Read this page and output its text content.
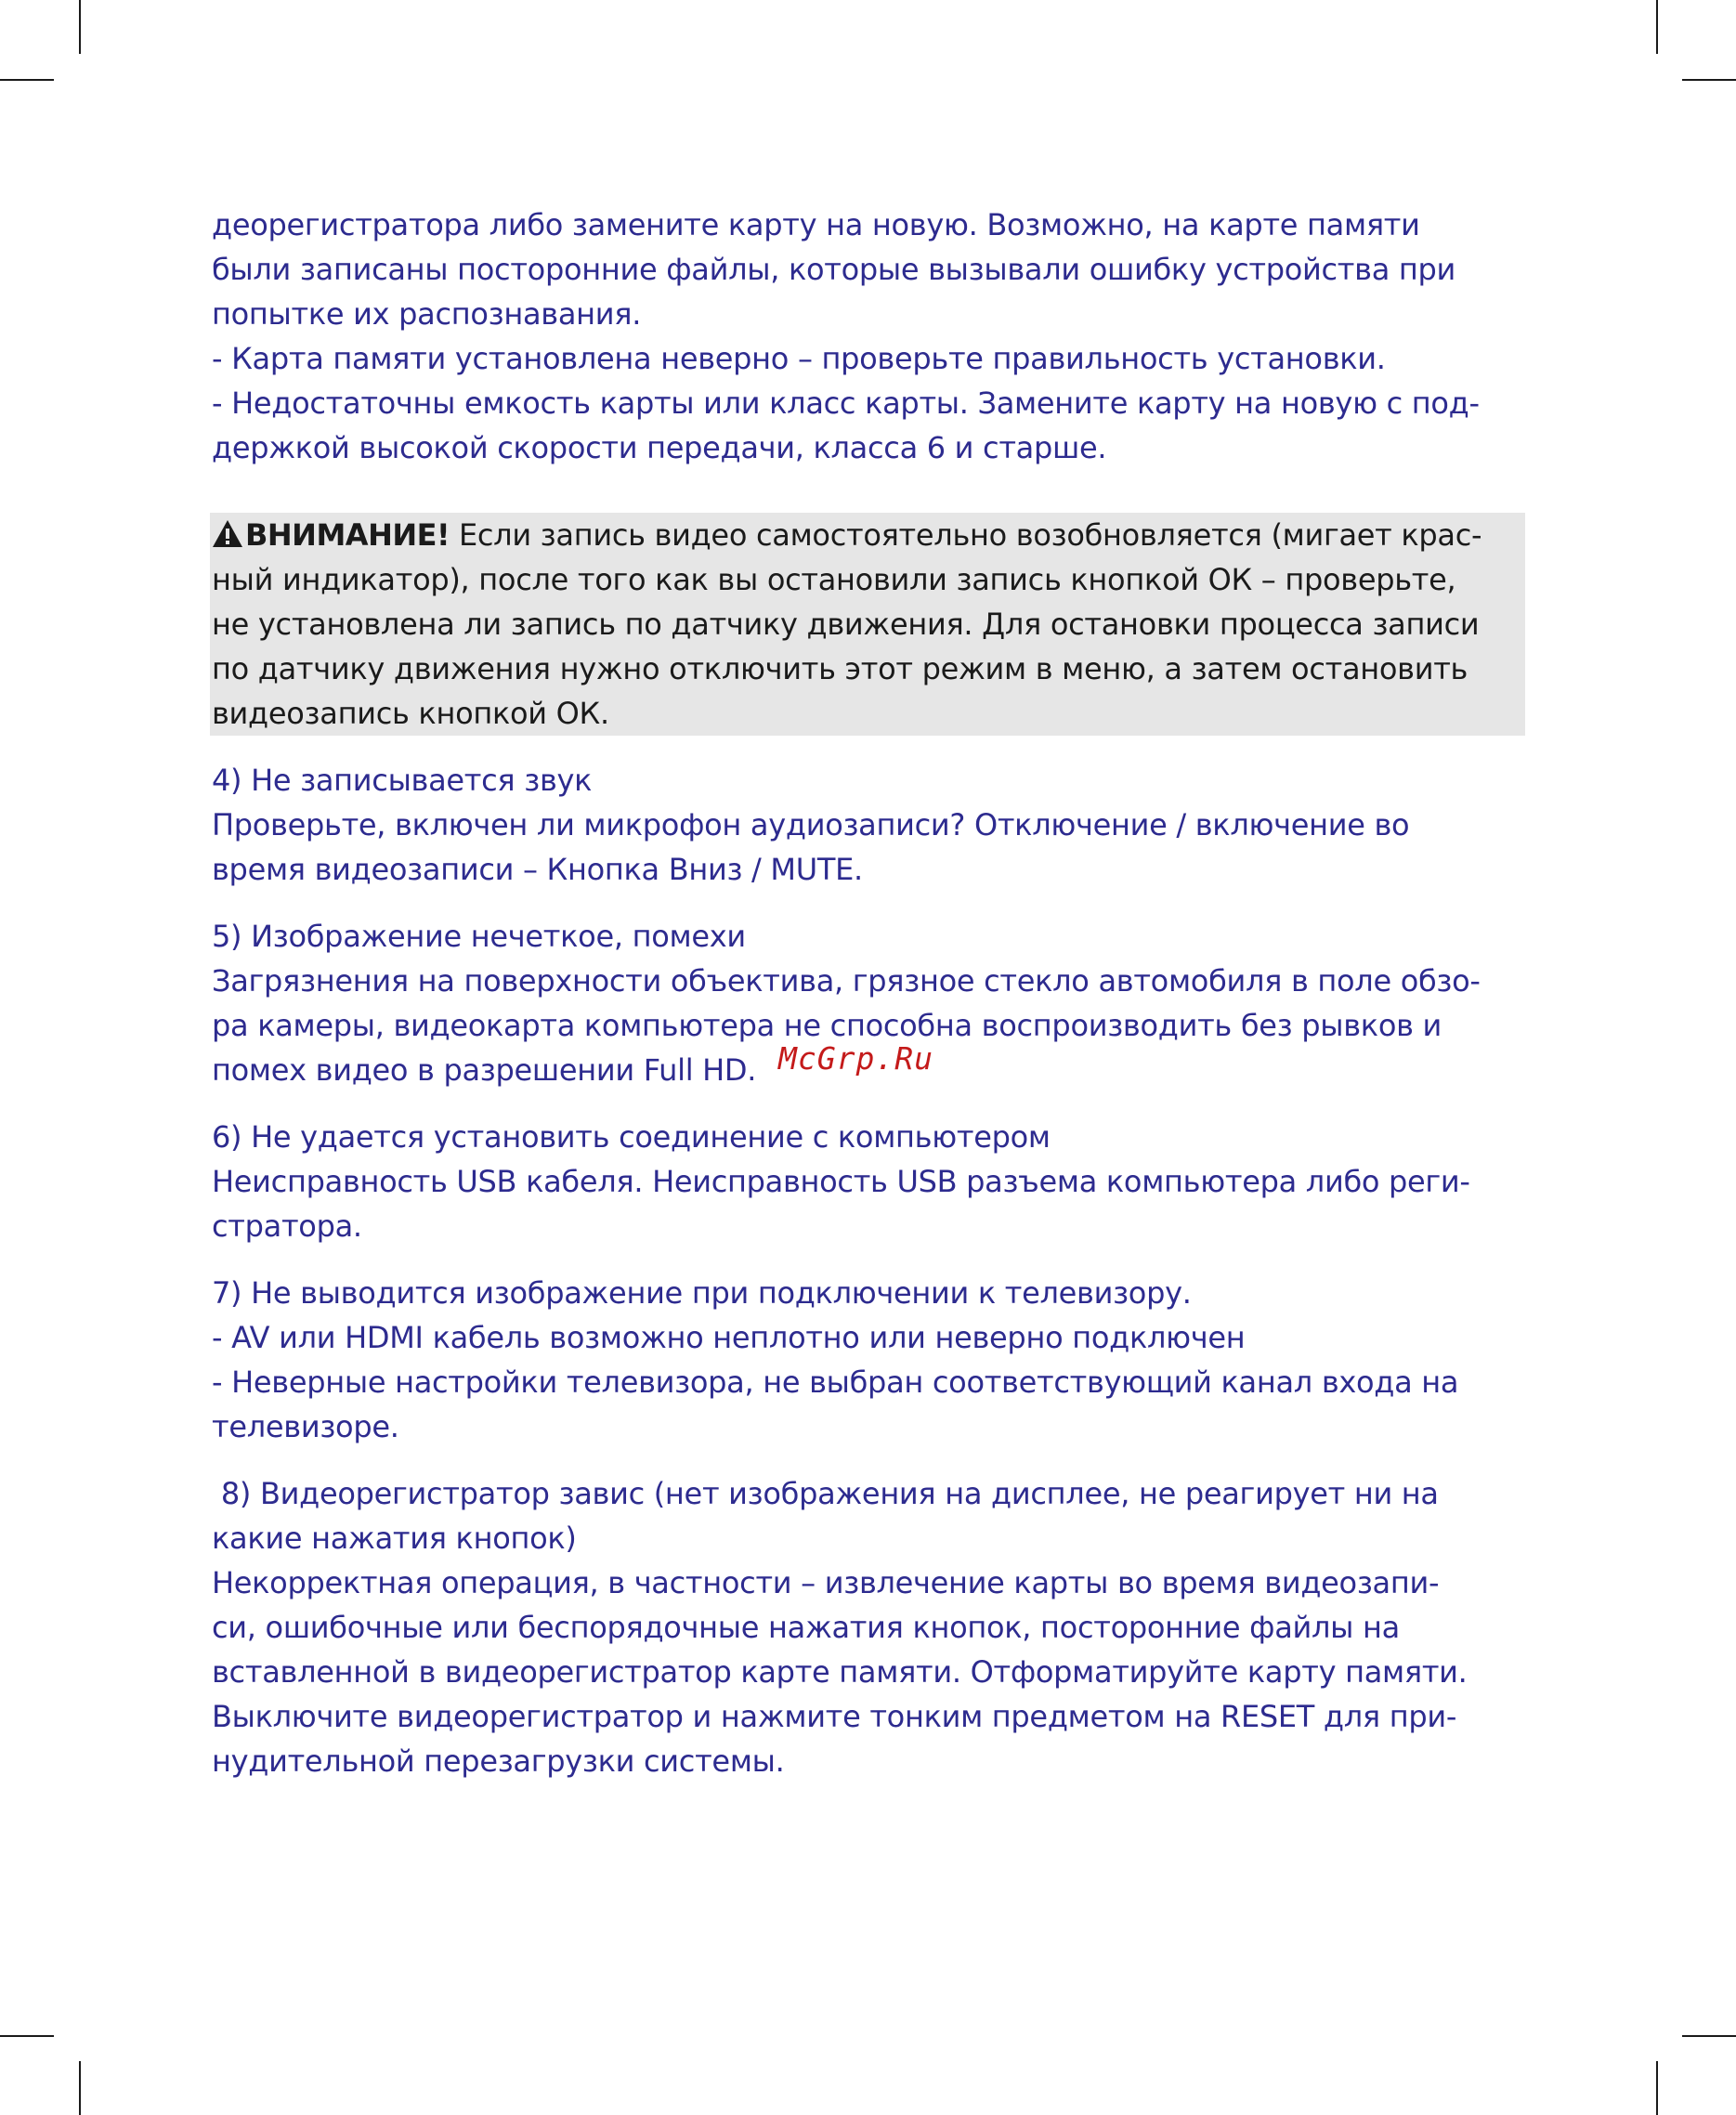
деорегистратора либо замените карту на новую. Возможно, на карте памяти

были записаны посторонние файлы, которые вызывали ошибку устройства при

попытке их распознавания.

- Карта памяти установлена неверно – проверьте правильность установки.

- Недостаточны емкость карты или класс карты. Замените карту на новую с под-

держкой высокой скорости передачи, класса 6 и старше.

ВНИМАНИЕ! Если запись видео самостоятельно возобновляется (мигает крас-

ный индикатор), после того как вы остановили запись кнопкой ОК – проверьте,

не установлена ли запись по датчику движения. Для остановки процесса записи

по датчику движения нужно отключить этот режим в меню, а затем остановить

видеозапись кнопкой ОК.

4) Не записывается звук

Проверьте, включен ли микрофон аудиозаписи? Отключение / включение во

время видеозаписи – Кнопка Вниз / MUTE.

5) Изображение нечеткое, помехи

Загрязнения на поверхности объектива, грязное стекло автомобиля в поле обзо-

ра камеры, видеокарта компьютера не способна воспроизводить без рывков и

помех видео в разрешении Full HD.

6) Не удается установить соединение с компьютером

Неисправность USB кабеля. Неисправность USB разъема компьютера либо реги-

стратора.

7) Не выводится изображение при подключении к телевизору.

- AV или HDMI кабель возможно неплотно или неверно подключен

- Неверные настройки телевизора, не выбран соответствующий канал входа на

телевизоре.

8) Видеорегистратор завис (нет изображения на дисплее, не реагирует ни на

какие нажатия кнопок)

Некорректная операция, в частности – извлечение карты во время видеозапи-

си, ошибочные или беспорядочные нажатия кнопок, посторонние файлы на

вставленной в видеорегистратор карте памяти. Отформатируйте карту памяти.

Выключите видеорегистратор и нажмите тонким предметом на RESET для при-

нудительной перезагрузки системы.

McGrp.Ru
